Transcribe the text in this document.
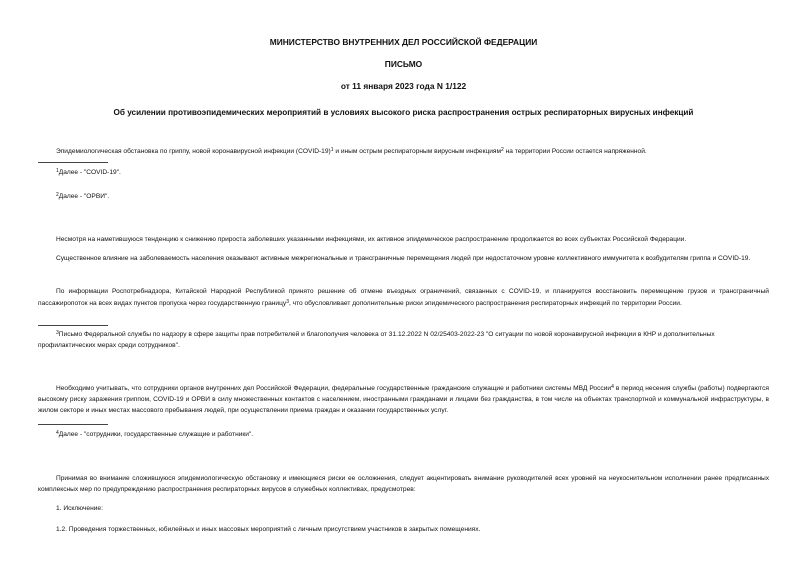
МИНИСТЕРСТВО ВНУТРЕННИХ ДЕЛ РОССИЙСКОЙ ФЕДЕРАЦИИ
ПИСЬМО
от 11 января 2023 года N 1/122
Об усилении противоэпидемических мероприятий в условиях высокого риска распространения острых респираторных вирусных инфекций
Эпидемиологическая обстановка по гриппу, новой коронавирусной инфекции (COVID-19)$^1$ и иным острым респираторным вирусным инфекциям$^2$ на территории России остается напряженной.
$^1$Далее - "COVID-19".
$^2$Далее - "ОРВИ".
Несмотря на наметившуюся тенденцию к снижению прироста заболевших указанными инфекциями, их активное эпидемическое распространение продолжается во всех субъектах Российской Федерации.
Существенное влияние на заболеваемость населения оказывают активные межрегиональные и трансграничные перемещения людей при недостаточном уровне коллективного иммунитета к возбудителям гриппа и COVID-19.
По информации Роспотребнадзора, Китайской Народной Республикой принято решение об отмене въездных ограничений, связанных с COVID-19, и планируется восстановить перемещение грузов и трансграничный пассажиропоток на всех видах пунктов пропуска через государственную границу$^3$, что обусловливает дополнительные риски эпидемического распространения респираторных инфекций по территории России.
$^3$Письмо Федеральной службы по надзору в сфере защиты прав потребителей и благополучия человека от 31.12.2022 N 02/25403-2022-23 "О ситуации по новой коронавирусной инфекции в КНР и дополнительных профилактических мерах среди сотрудников".
Необходимо учитывать, что сотрудники органов внутренних дел Российской Федерации, федеральные государственные гражданские служащие и работники системы МВД России$^4$ в период несения службы (работы) подвергаются высокому риску заражения гриппом, COVID-19 и ОРВИ в силу множественных контактов с населением, иностранными гражданами и лицами без гражданства, в том числе на объектах транспортной и коммунальной инфраструктуры, в жилом секторе и иных местах массового пребывания людей, при осуществлении приема граждан и оказании государственных услуг.
$^4$Далее - "сотрудники, государственные служащие и работники".
Принимая во внимание сложившуюся эпидемиологическую обстановку и имеющиеся риски ее осложнения, следует акцентировать внимание руководителей всех уровней на неукоснительном исполнении ранее предписанных комплексных мер по предупреждению распространения респираторных вирусов в служебных коллективах, предусмотрев:
1. Исключение:
1.2. Проведения торжественных, юбилейных и иных массовых мероприятий с личным присутствием участников в закрытых помещениях.
